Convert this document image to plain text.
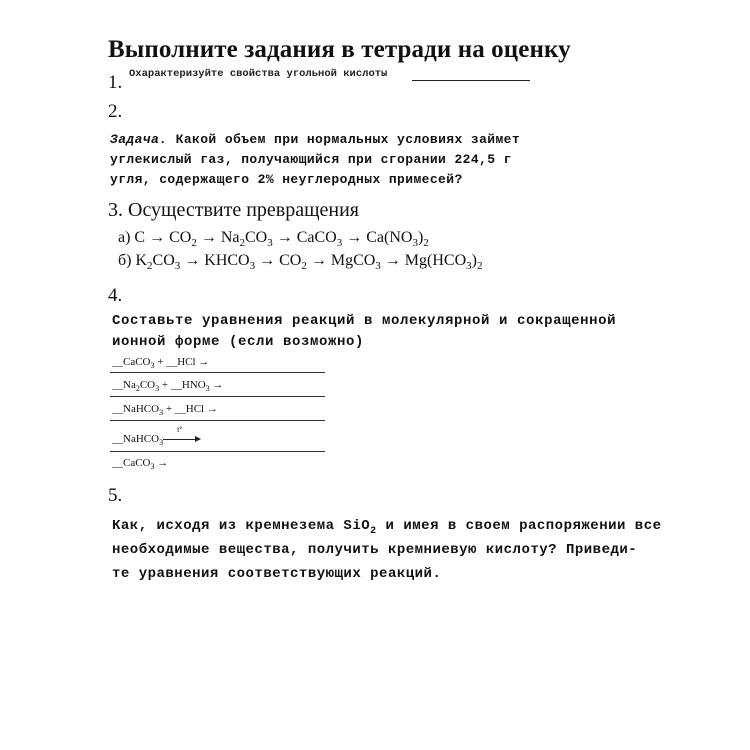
Выполните задания в тетради на оценку
1. Охарактеризуйте свойства угольной кислоты
2.
Задача. Какой объем при нормальных условиях займет
углекислый газ, получающийся при сгорании 224,5 г
угля, содержащего 2% неуглеродных примесей?
3. Осуществите превращения
а) $C \to CO_2 \to Na_2CO_3$ → CaCO$_3$ → $Ca(NO_3)_2$
б) $K_2CO_3$ → $KHCO_3 \to CO_2$ → MgCO$_3$ → $Mg(HCO_3)_2$
4.
Составьте уравнения реакций в молекулярной и сокращенной
ионной форме (если возможно)
__CaCO$_3$ + __HCl →
$\_\_Na_2CO_3$ + $\_\_HNO_3$ →
__NaHCO$_3$ + __HCl →
__NaHCO$_3$
t°
__CaCO$_3$ →
5.
Как, исходя из кремнезема SiO$_2$ и имея в своем распоряжении все
необходимые вещества, получить кремниевую кислоту? Приведи-
те уравнения соответствующих реакций.
